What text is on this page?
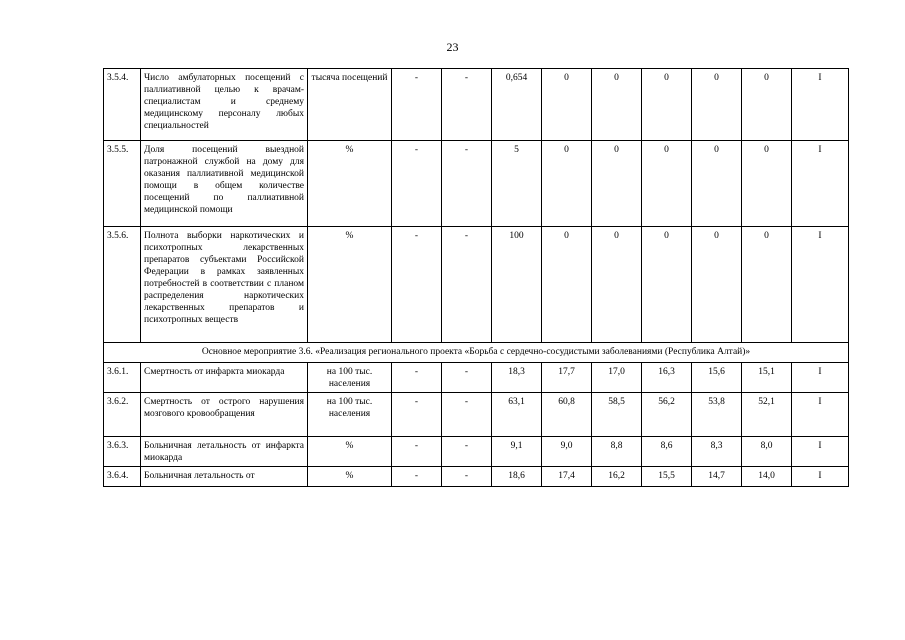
23
3.5.4.	Число амбулаторных посещений с паллиативной целью к врачам-специалистам и среднему медицинскому персоналу любых специальностей	тысяча посещений	-	-	0,654	0	0	0	0	0	I
3.5.5.	Доля посещений выездной патронажной службой на дому для оказания паллиативной медицинской помощи в общем количестве посещений по паллиативной медицинской помощи	%	-	-	5	0	0	0	0	0	I
3.5.6.	Полнота выборки наркотических и психотропных лекарственных препаратов субъектами Российской Федерации в рамках заявленных потребностей в соответствии с планом распределения наркотических лекарственных препаратов и психотропных веществ	%	-	-	100	0	0	0	0	0	I
Основное мероприятие 3.6. «Реализация регионального проекта «Борьба с сердечно-сосудистыми заболеваниями (Республика Алтай)»											
3.6.1.	Смертность от инфаркта миокарда	на 100 тыс. населения	-	-	18,3	17,7	17,0	16,3	15,6	15,1	I
3.6.2.	Смертность от острого нарушения мозгового кровообращения	на 100 тыс. населения	-	-	63,1	60,8	58,5	56,2	53,8	52,1	I
3.6.3.	Больничная летальность от инфаркта миокарда	%	-	-	9,1	9,0	8,8	8,6	8,3	8,0	I
3.6.4.	Больничная летальность от	%	-	-	18,6	17,4	16,2	15,5	14,7	14,0	I
